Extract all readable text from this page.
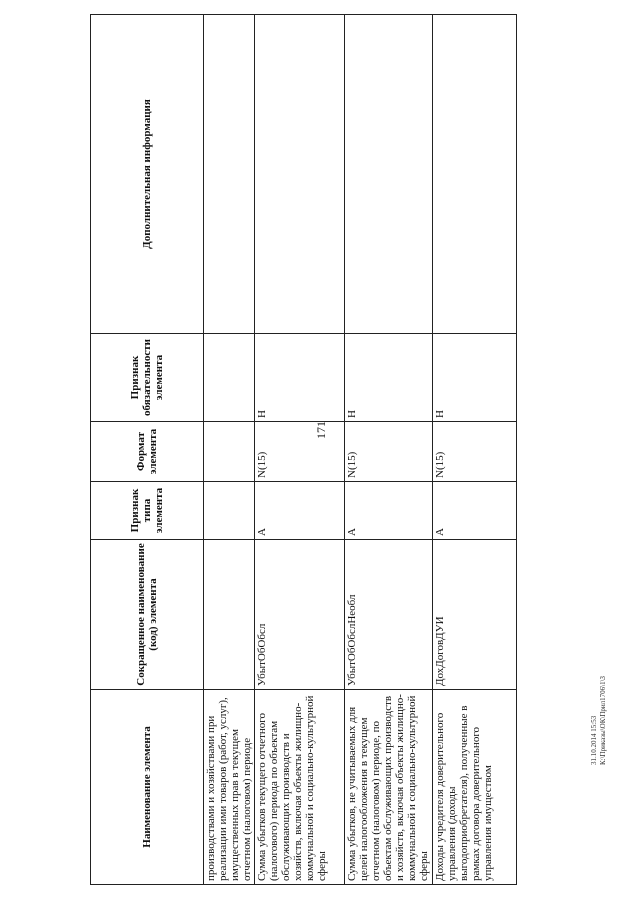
171
Наименование элемента	Сокращенное наименование (код) элемента	Признак типа элемента	Формат элемента	Признак обязательности элемента	Дополнительная информация
производствами и хозяйствами при реализации ими товаров (работ, услуг), имущественных прав в текущем отчетном (налоговом) периоде					
Сумма убытков текущего отчетного (налогового) периода по объектам обслуживающих производств и хозяйств, включая объекты жилищно-коммунальной и социально-культурной сферы	УбытОбОбсл	А	N(15)	Н	
Сумма убытков, не учитываемых для целей налогообложения в текущем отчетном (налоговом) периоде, по объектам обслуживающих производств и хозяйств, включая объекты жилищно-коммунальной и социально-культурной сферы	УбытОбОбслНеобл	А	N(15)	Н	
Доходы учредителя доверительного управления (доходы выгодоприобретателя), полученные в рамках договора доверительного управления имуществом	ДохДоговДУИ	А	N(15)	Н	
31.10.2014 15:53 К:\Приказы\ОК\Прил1706\1\З
